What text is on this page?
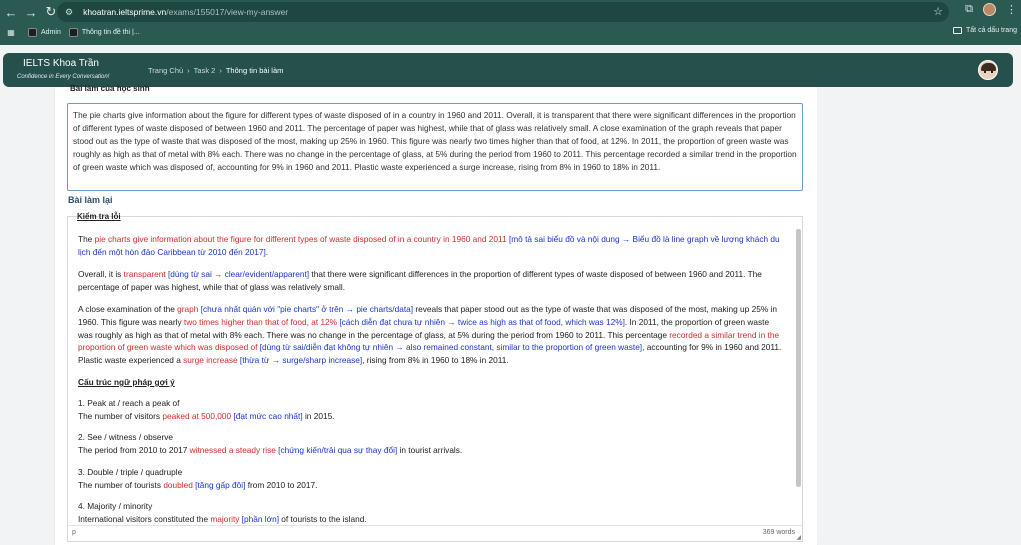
← → ↻ ⚙ khoatran.ieltsprime.vn /exams/155017/view-my-answer	☆ ⧉	⋮
▦	Admin	Thông tin đề thi |...	Tất cả dấu trang
IELTS Khoa Trần
Confidence in Every Conversation!
Trang Chủ › Task 2 › Thông tin bài làm
Bài làm của học sinh
The pie charts give information about the figure for different types of waste disposed of in a country in 1960 and 2011. Overall, it is transparent that there were significant differences in the proportion of different types of waste disposed of between 1960 and 2011. The percentage of paper was highest, while that of glass was relatively small. A close examination of the graph reveals that paper stood out as the type of waste that was disposed of the most, making up 25% in 1960. This figure was nearly two times higher than that of food, at 12%. In 2011, the proportion of green waste was roughly as high as that of metal with 8% each. There was no change in the percentage of glass, at 5% during the period from 1960 to 2011. This percentage recorded a similar trend in the proportion of green waste which was disposed of, accounting for 9% in 1960 and 2011. Plastic waste experienced a surge increase, rising from 8% in 1960 to 18% in 2011.
Bài làm lại
Kiểm tra lỗi

The pie charts give information about the figure for different types of waste disposed of in a country in 1960 and 2011 [mô tả sai biểu đồ và nội dung → Biểu đồ là line graph về lượng khách du lịch đến một hòn đảo Caribbean từ 2010 đến 2017].

Overall, it is transparent [dùng từ sai → clear/evident/apparent] that there were significant differences in the proportion of different types of waste disposed of between 1960 and 2011. The percentage of paper was highest, while that of glass was relatively small.

A close examination of the graph [chưa nhất quán với "pie charts" ở trên → pie charts/data] reveals that paper stood out as the type of waste that was disposed of the most, making up 25% in 1960. This figure was nearly two times higher than that of food, at 12% [cách diễn đạt chưa tự nhiên → twice as high as that of food, which was 12%]. In 2011, the proportion of green waste was roughly as high as that of metal with 8% each. There was no change in the percentage of glass, at 5% during the period from 1960 to 2011. This percentage recorded a similar trend in the proportion of green waste which was disposed of [dùng từ sai/diễn đạt không tự nhiên → also remained constant, similar to the proportion of green waste], accounting for 9% in 1960 and 2011. Plastic waste experienced a surge increase [thừa từ → surge/sharp increase], rising from 8% in 1960 to 18% in 2011.

Cấu trúc ngữ pháp gợi ý

1. Peak at / reach a peak of
The number of visitors peaked at 500,000 [đạt mức cao nhất] in 2015.

2. See / witness / observe
The period from 2010 to 2017 witnessed a steady rise [chứng kiến/trải qua sự thay đổi] in tourist arrivals.

3. Double / triple / quadruple
The number of tourists doubled [tăng gấp đôi] from 2010 to 2017.

4. Majority / minority
International visitors constituted the majority [phần lớn] of tourists to the island.

p	369 words
◢
